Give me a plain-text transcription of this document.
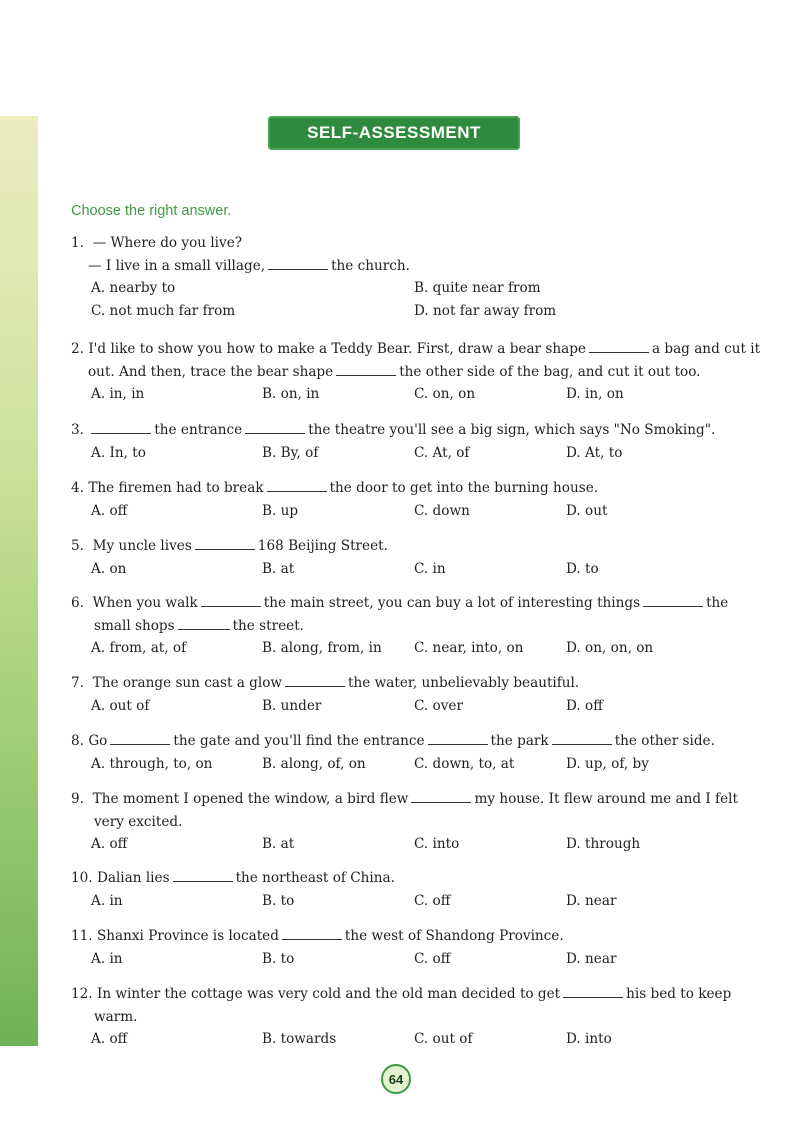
SELF-ASSESSMENT
Choose the right answer.
1. — Where do you live?
— I live in a small village,	the church.
A. nearby to	B. quite near from
C. not much far from	D. not far away from
2. I'd like to show you how to make a Teddy Bear. First, draw a bear shape	a bag and cut it
out. And then, trace the bear shape	the other side of the bag, and cut it out too.
A. in, in	B. on, in	C. on, on	D. in, on
3.	the entrance	the theatre you'll see a big sign, which says "No Smoking".
A. In, to	B. By, of	C. At, of	D. At, to
4. The firemen had to break	the door to get into the burning house.
A. off	B. up	C. down	D. out
5. My uncle lives	168 Beijing Street.
A. on	B. at	C. in	D. to
6. When you walk	the main street, you can buy a lot of interesting things	the
small shops	the street.
A. from, at, of	B. along, from, in C. near, into, on	D. on, on, on
7. The orange sun cast a glow	the water, unbelievably beautiful.
A. out of	B. under	C. over	D. off
8. Go	the gate and you'll find the entrance	the park	the other side.
A. through, to, on	B. along, of, on	C. down, to, at	D. up, of, by
9. The moment I opened the window, a bird flew	my house. It flew around me and I felt
very excited.
A. off	B. at	C. into	D. through
10. Dalian lies	the northeast of China.
A. in	B. to	C. off	D. near
11. Shanxi Province is located	the west of Shandong Province.
A. in	B. to	C. off	D. near
12. In winter the cottage was very cold and the old man decided to get	his bed to keep
warm.
A. off	B. towards	C. out of	D. into
64
